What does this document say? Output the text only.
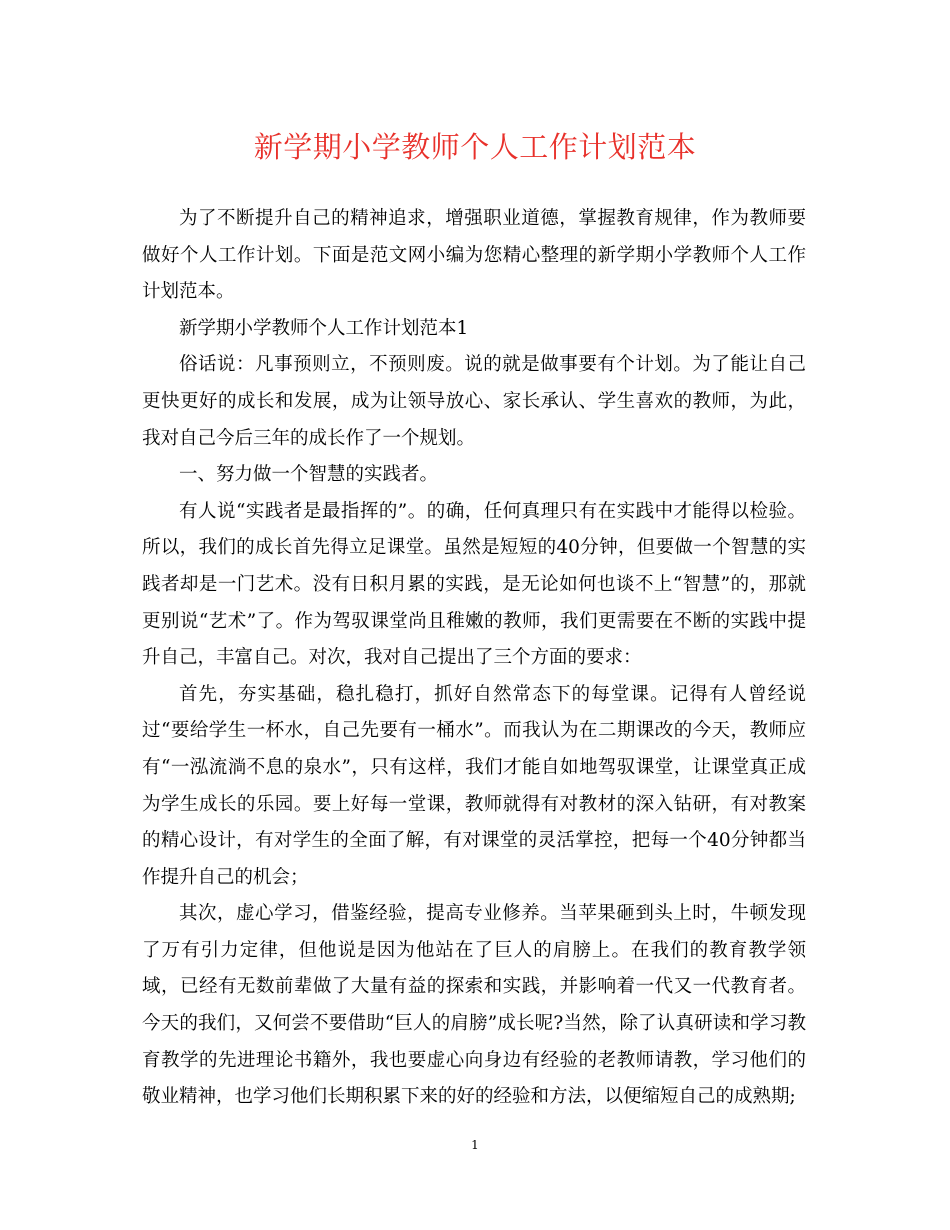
新学期小学教师个人工作计划范本

为了不断提升自己的精神追求，增强职业道德，掌握教育规律，作为教师要做好个人工作计划。下面是范文网小编为您精心整理的新学期小学教师个人工作计划范本。

新学期小学教师个人工作计划范本1

俗话说：凡事预则立，不预则废。说的就是做事要有个计划。为了能让自己更快更好的成长和发展，成为让领导放心、家长承认、学生喜欢的教师，为此，我对自己今后三年的成长作了一个规划。

一、努力做一个智慧的实践者。

有人说“实践者是最指挥的”。的确，任何真理只有在实践中才能得以检验。所以，我们的成长首先得立足课堂。虽然是短短的40分钟，但要做一个智慧的实践者却是一门艺术。没有日积月累的实践，是无论如何也谈不上“智慧”的，那就更别说“艺术”了。作为驾驭课堂尚且稚嫩的教师，我们更需要在不断的实践中提升自己，丰富自己。对次，我对自己提出了三个方面的要求：

首先，夯实基础，稳扎稳打，抓好自然常态下的每堂课。记得有人曾经说过“要给学生一杯水，自己先要有一桶水”。而我认为在二期课改的今天，教师应有“一泓流淌不息的泉水”，只有这样，我们才能自如地驾驭课堂，让课堂真正成为学生成长的乐园。要上好每一堂课，教师就得有对教材的深入钻研，有对教案的精心设计，有对学生的全面了解，有对课堂的灵活掌控，把每一个40分钟都当作提升自己的机会；

其次，虚心学习，借鉴经验，提高专业修养。当苹果砸到头上时，牛顿发现了万有引力定律，但他说是因为他站在了巨人的肩膀上。在我们的教育教学领域，已经有无数前辈做了大量有益的探索和实践，并影响着一代又一代教育者。今天的我们，又何尝不要借助“巨人的肩膀”成长呢?当然，除了认真研读和学习教育教学的先进理论书籍外，我也要虚心向身边有经验的老教师请教，学习他们的敬业精神，也学习他们长期积累下来的好的经验和方法，以便缩短自己的成熟期;

1
